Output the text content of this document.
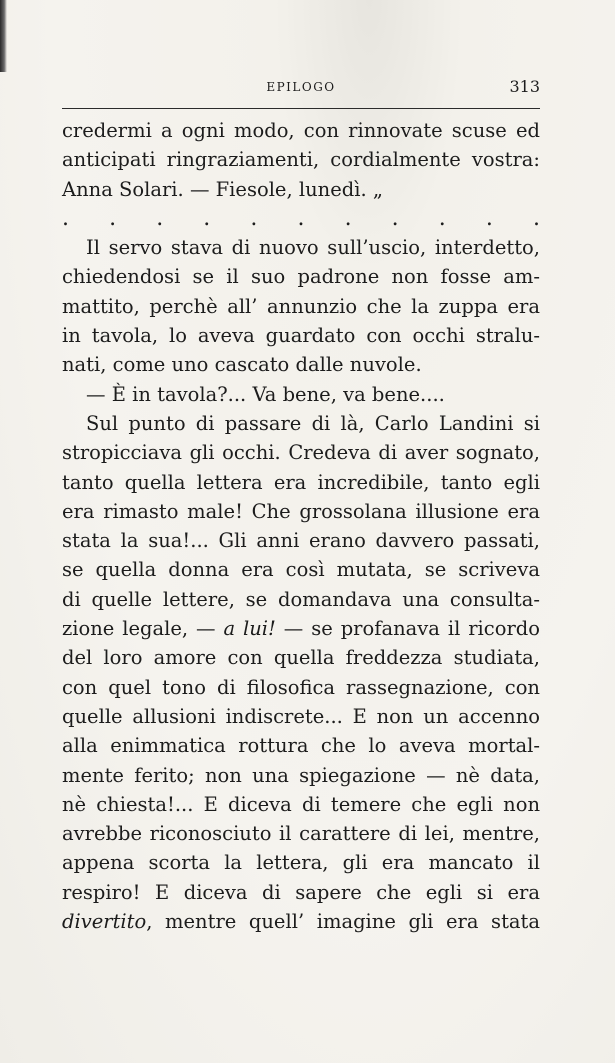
EPILOGO	313
credermi a ogni modo, con rinnovate scuse ed
anticipati ringraziamenti, cordialmente vostra:
Anna Solari. — Fiesole, lunedì. „
. . . . . . . . . . .
Il servo stava di nuovo sull’uscio, interdetto,
chiedendosi se il suo padrone non fosse am-
mattito, perchè all’ annunzio che la zuppa era
in tavola, lo aveva guardato con occhi stralu-
nati, come uno cascato dalle nuvole.
— È in tavola?... Va bene, va bene....
Sul punto di passare di là, Carlo Landini si
stropicciava gli occhi. Credeva di aver sognato,
tanto quella lettera era incredibile, tanto egli
era rimasto male! Che grossolana illusione era
stata la sua!... Gli anni erano davvero passati,
se quella donna era così mutata, se scriveva
di quelle lettere, se domandava una consulta-
zione legale, — a lui! — se profanava il ricordo
del loro amore con quella freddezza studiata,
con quel tono di filosofica rassegnazione, con
quelle allusioni indiscrete... E non un accenno
alla enimmatica rottura che lo aveva mortal-
mente ferito; non una spiegazione — nè data,
nè chiesta!... E diceva di temere che egli non
avrebbe riconosciuto il carattere di lei, mentre,
appena scorta la lettera, gli era mancato il
respiro! E diceva di sapere che egli si era
divertito, mentre quell’ imagine gli era stata
